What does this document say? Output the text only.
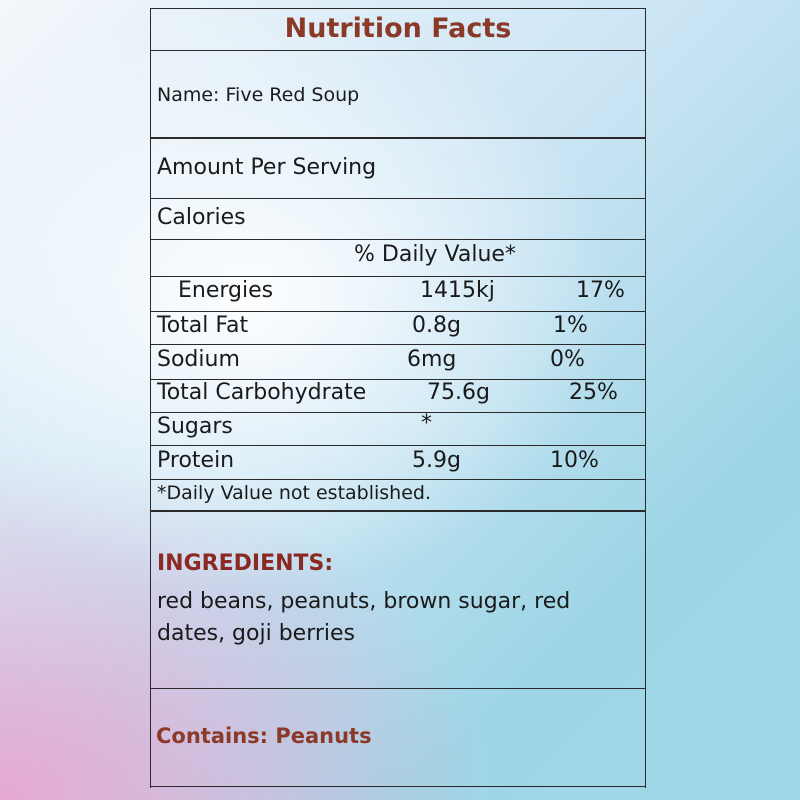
Nutrition Facts
Name: Five Red Soup
Amount Per Serving
Calories
% Daily Value*
Energies	1415kj	17%
Total Fat	0.8g	1%
Sodium	6mg	0%
Total Carbohydrate	75.6g	25%
Sugars	*
Protein	5.9g	10%
*Daily Value not established.
INGREDIENTS:
red beans, peanuts, brown sugar, red dates, goji berries
Contains: Peanuts
